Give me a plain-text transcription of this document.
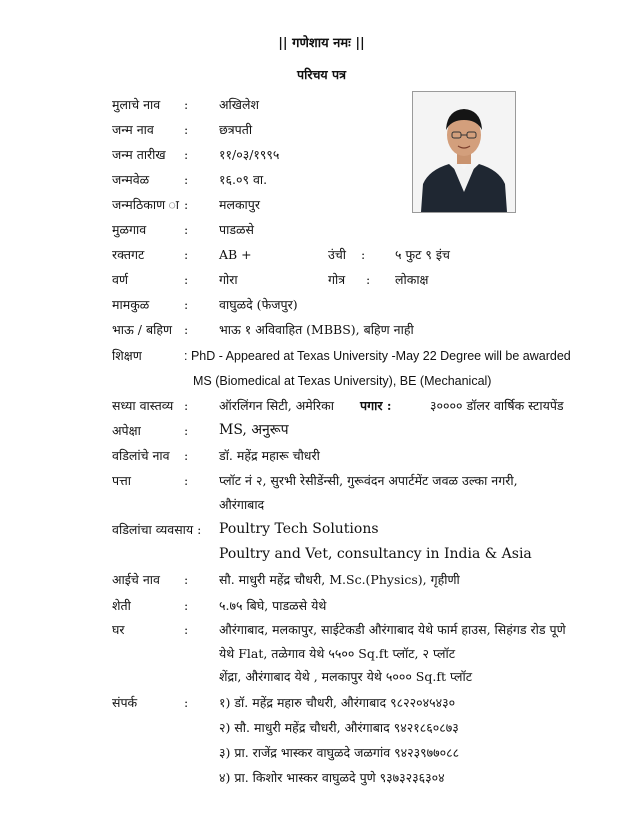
|| गणेशाय नमः ||
परिचय पत्र
मुलाचे नाव : अखिलेश
जन्म नाव : छत्रपती
जन्म तारीख : ११/०३/१९९५
जन्मवेळ	: १६.०९ वा.
जन्मठिकाण ा : मलकापुर
मुळगाव	: पाडळसे
रक्तगट	: AB +	उंची : ५ फुट ९ इंच
वर्ण	: गोरा	गोत्र : लोकाक्ष
मामकुळ	: वाघुळदे (फेजपुर)
भाऊ / बहिण : भाऊ १ अविवाहित (MBBS), बहिण नाही
शिक्षण	: PhD - Appeared at Texas University -May 22 Degree will be awarded
MS (Biomedical at Texas University), BE (Mechanical)
सध्या वास्तव्य : ऑरलिंगन सिटी, अमेरिका पगार :	३०००० डॉलर वार्षिक स्टायपेंड
अपेक्षा	: MS, अनुरूप
वडिलांचे नाव : डॉ. महेंद्र महारू चौधरी
पत्ता	: प्लॉट नं २, सुरभी रेसीडेंन्सी, गुरूवंदन अपार्टमेंट जवळ उल्का नगरी,
औरंगाबाद
वडिलांचा व्यवसाय : Poultry Tech Solutions
Poultry and Vet, consultancy in India & Asia
आईचे नाव : सौ. माधुरी महेंद्र चौधरी, M.Sc.(Physics), गृहीणी
शेती	: ५.७५ बिघे, पाडळसे येथे
घर	: औरंगाबाद, मलकापुर, साईटेकडी औरंगाबाद येथे फार्म हाउस, सिहंगड रोड पूणे
येथे Flat, तळेगाव येथे ५५०० Sq.ft प्लॉट, २ प्लॉट
शेंद्रा, औरंगाबाद येथे , मलकापुर येथे ५००० Sq.ft प्लॉट
संपर्क	: १) डॉ. महेंद्र महारु चौधरी, औरंगाबाद ९८२२०४५४३०
२) सौ. माधुरी महेंद्र चौधरी, औरंगाबाद ९४२१८६०८७३
३) प्रा. राजेंद्र भास्कर वाघुळदे जळगांव ९४२३९७७०८८
४) प्रा. किशोर भास्कर वाघुळदे पुणे ९३७३२३६३०४
